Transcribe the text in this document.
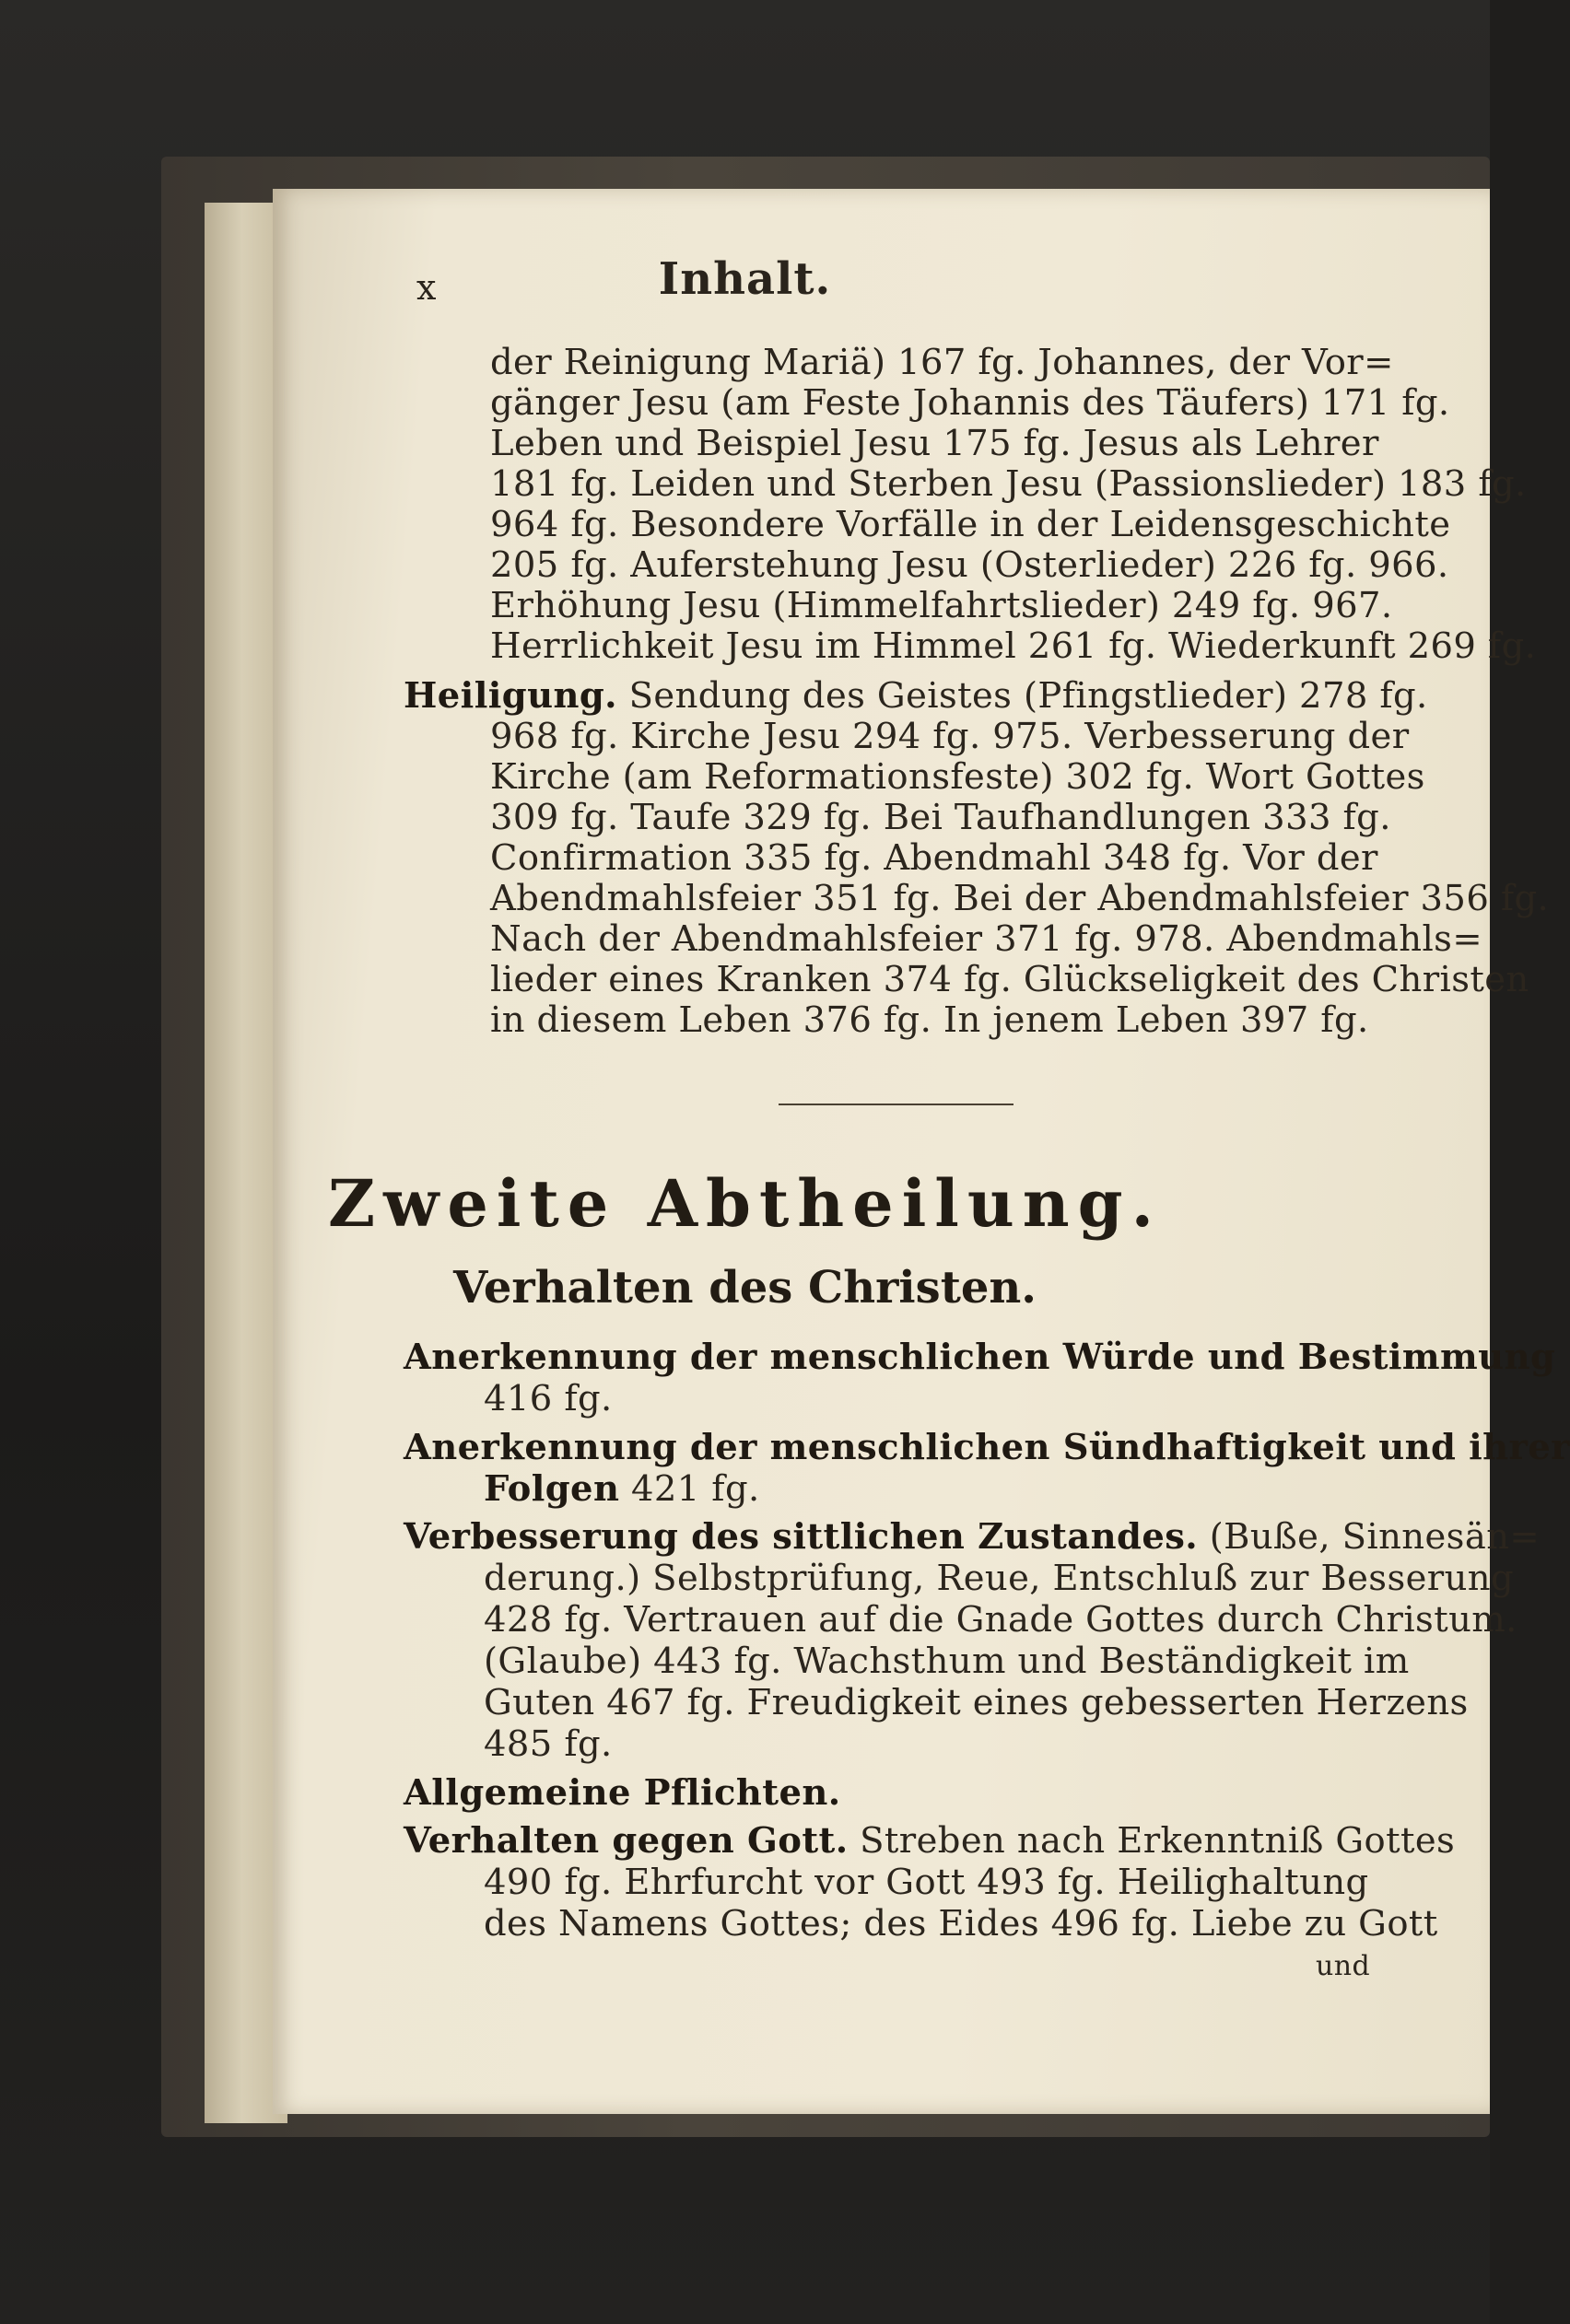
x	Inhalt.
der Reinigung Mariä) 167 fg. Johannes, der Vor=
gänger Jesu (am Feste Johannis des Täufers) 171 fg.
Leben und Beispiel Jesu 175 fg. Jesus als Lehrer
181 fg. Leiden und Sterben Jesu (Passionslieder) 183 fg.
964 fg. Besondere Vorfälle in der Leidensgeschichte
205 fg. Auferstehung Jesu (Osterlieder) 226 fg. 966.
Erhöhung Jesu (Himmelfahrtslieder) 249 fg. 967.
Herrlichkeit Jesu im Himmel 261 fg. Wiederkunft 269 fg.
Heiligung. Sendung des Geistes (Pfingstlieder) 278 fg.
968 fg. Kirche Jesu 294 fg. 975. Verbesserung der
Kirche (am Reformationsfeste) 302 fg. Wort Gottes
309 fg. Taufe 329 fg. Bei Taufhandlungen 333 fg.
Confirmation 335 fg. Abendmahl 348 fg. Vor der
Abendmahlsfeier 351 fg. Bei der Abendmahlsfeier 356 fg.
Nach der Abendmahlsfeier 371 fg. 978. Abendmahls=
lieder eines Kranken 374 fg. Glückseligkeit des Christen
in diesem Leben 376 fg. In jenem Leben 397 fg.
Zweite Abtheilung.
Verhalten des Christen.
Anerkennung der menschlichen Würde und Bestimmung
416 fg.
Anerkennung der menschlichen Sündhaftigkeit und ihrer
Folgen 421 fg.
Verbesserung des sittlichen Zustandes. (Buße, Sinnesän=
derung.) Selbstprüfung, Reue, Entschluß zur Besserung
428 fg. Vertrauen auf die Gnade Gottes durch Christum.
(Glaube) 443 fg. Wachsthum und Beständigkeit im
Guten 467 fg. Freudigkeit eines gebesserten Herzens
485 fg.
Allgemeine Pflichten.
Verhalten gegen Gott. Streben nach Erkenntniß Gottes
490 fg. Ehrfurcht vor Gott 493 fg. Heilighaltung
des Namens Gottes; des Eides 496 fg. Liebe zu Gott
und
